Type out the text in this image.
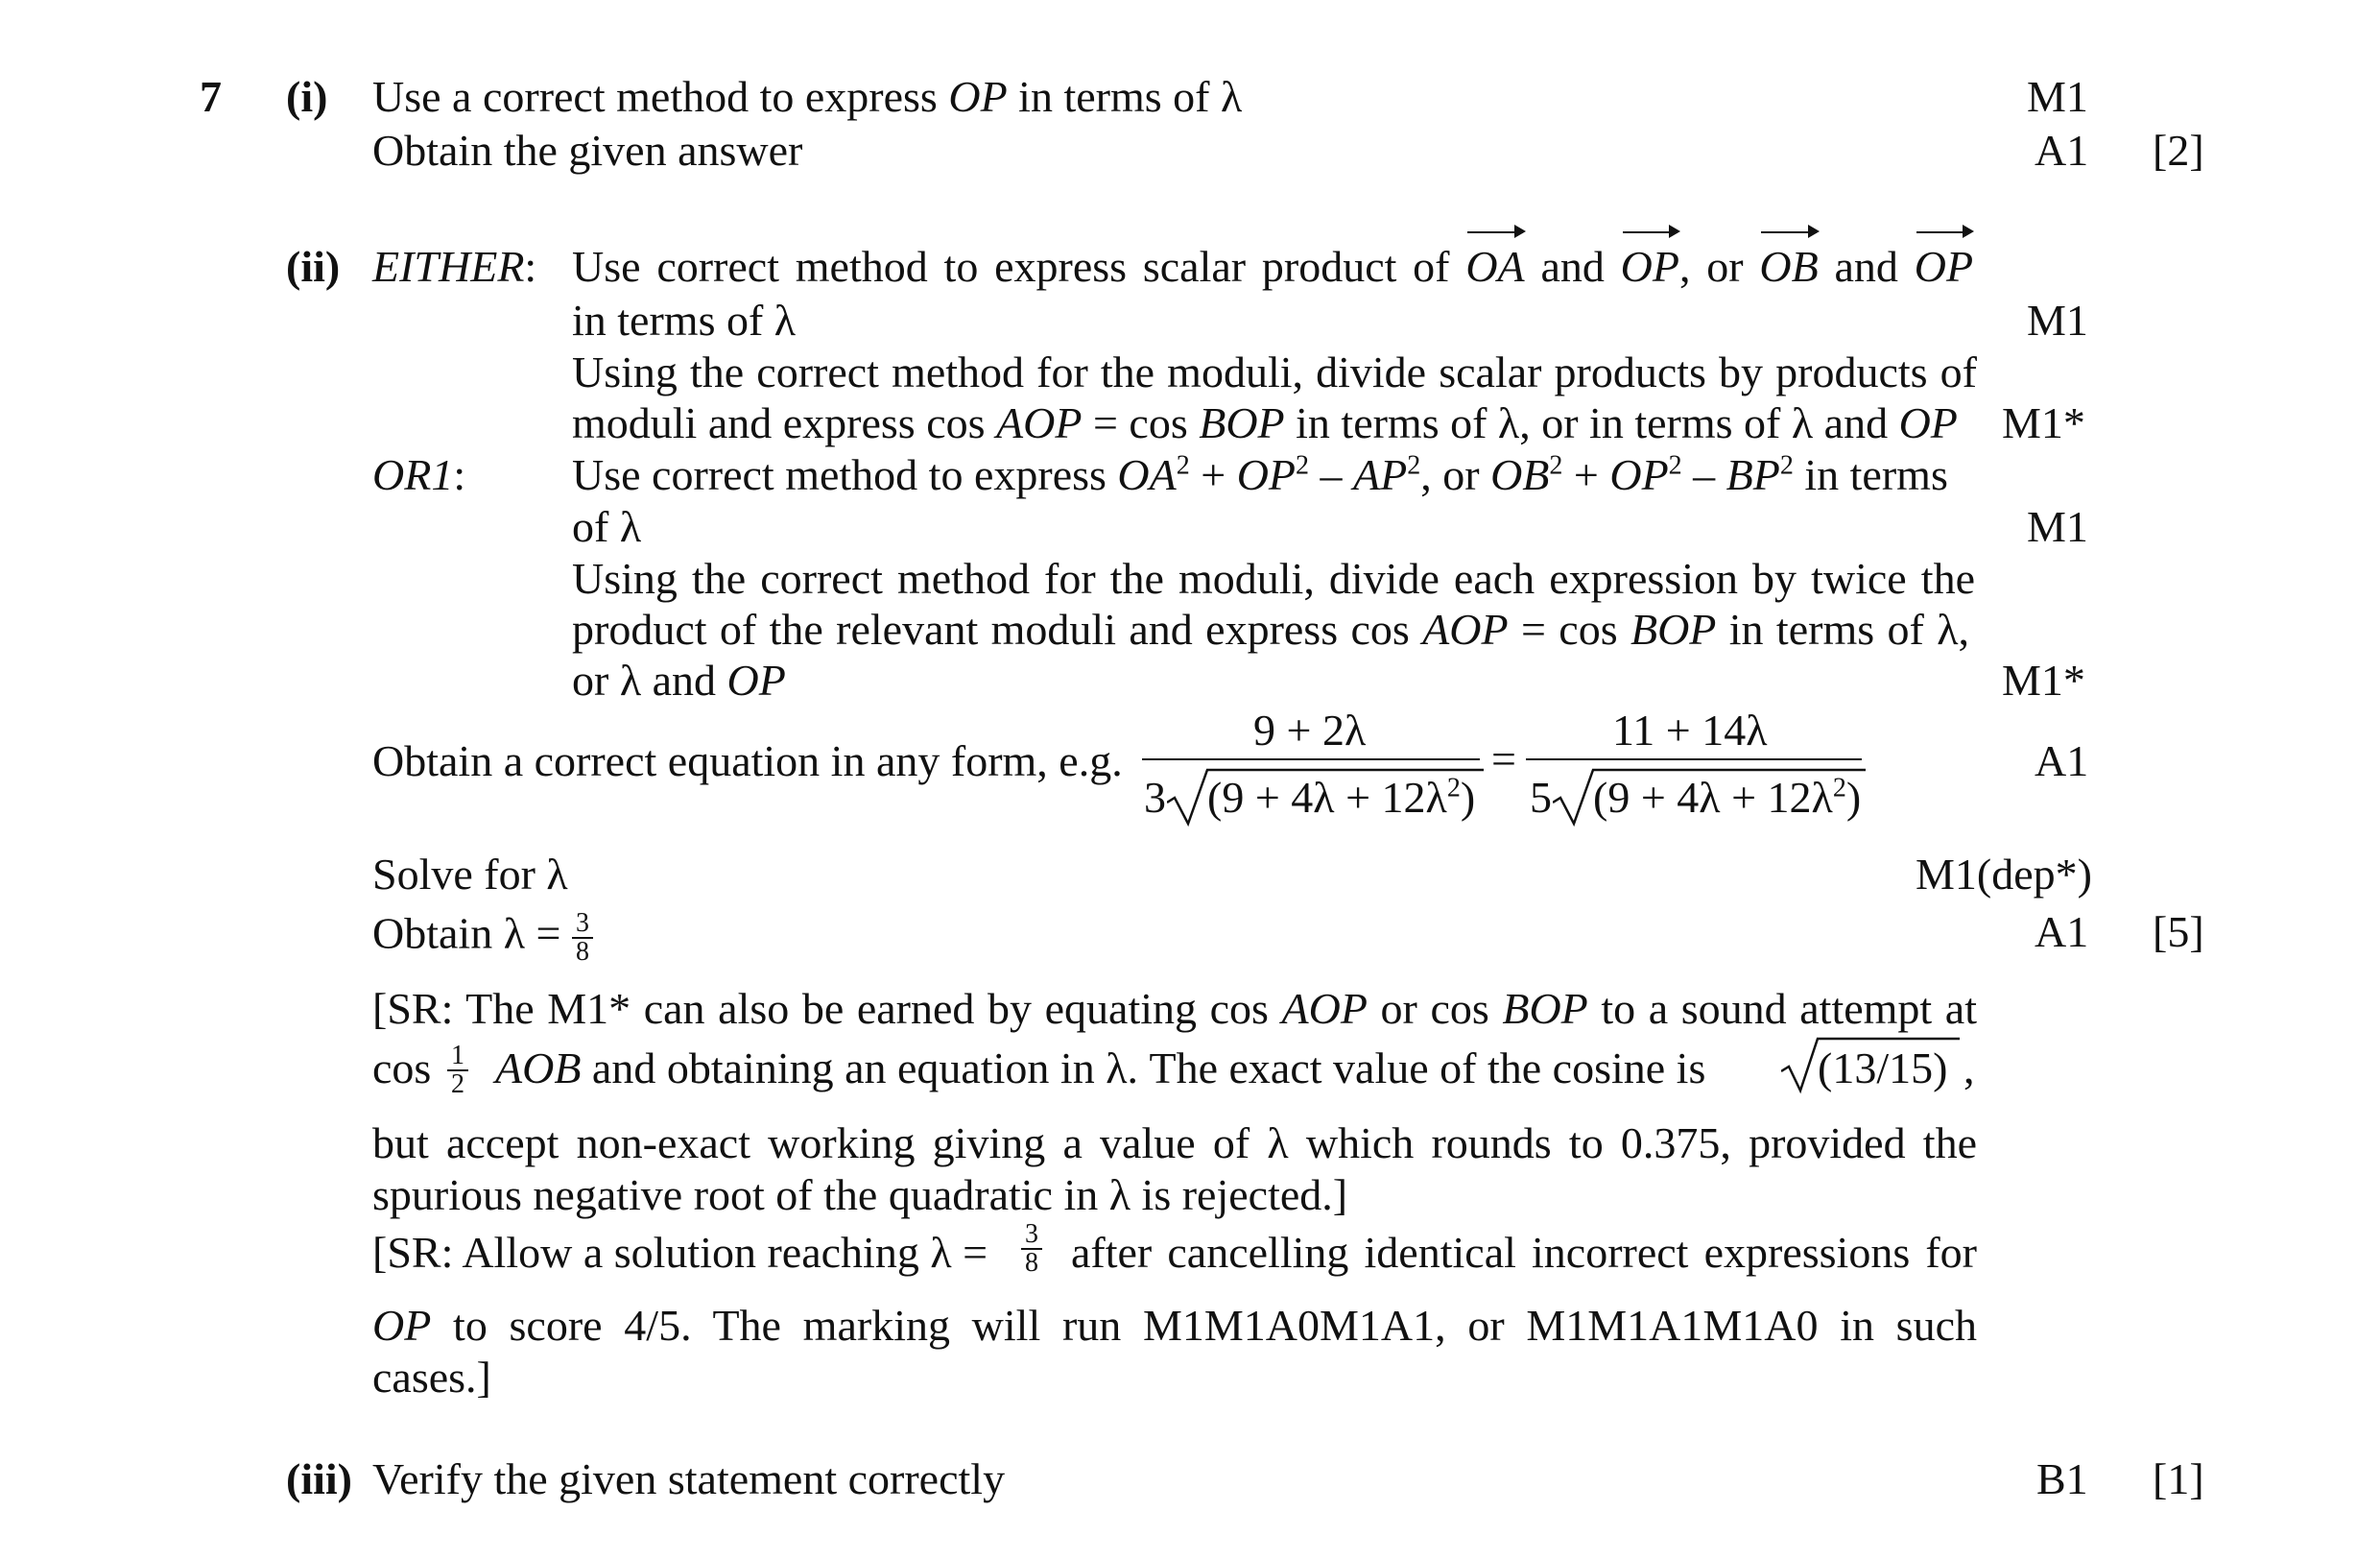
7 (i) Use a correct method to express OP in terms of λ	M1
Obtain the given answer	A1 [2]
(ii) EITHER: Use correct method to express scalar product of OA and OP, or OB and OP
in terms of λ	M1
Using the correct method for the moduli, divide scalar products by products of
moduli and express cos AOP = cos BOP in terms of λ, or in terms of λ and OP M1*
OR1: Use correct method to express $OA^2 + OP^2 - AP^2$, or $OB^2 + OP^2 - BP^2$ in terms
of λ	M1
Using the correct method for the moduli, divide each expression by twice the
product of the relevant moduli and express cos AOP = cos BOP in terms of λ,
or λ and OP	M1*
Obtain a correct equation in any form, e.g.
9 + 2λ
3 $(9 + 4\lambda + 12\lambda^2)$
=
11 + 14λ
5 $(9 + 4\lambda + 12\lambda^2)$
A1
Solve for λ	M1(dep*)
Obtain $\lambda = \frac{3}{8}$	A1 [5]
[SR: The M1* can also be earned by equating cos AOP or cos BOP to a sound attempt at
$\cos \frac{1}{2}$ AOB and obtaining an equation in λ. The exact value of the cosine is	(13/15) ,
but accept non-exact working giving a value of λ which rounds to 0.375, provided the
spurious negative root of the quadratic in λ is rejected.]
[SR: Allow a solution reaching $\lambda = \frac{3}{8}$ after cancelling identical incorrect expressions for
OP to score 4/5. The marking will run M1M1A0M1A1, or M1M1A1M1A0 in such
cases.]
(iii) Verify the given statement correctly	B1 [1]
